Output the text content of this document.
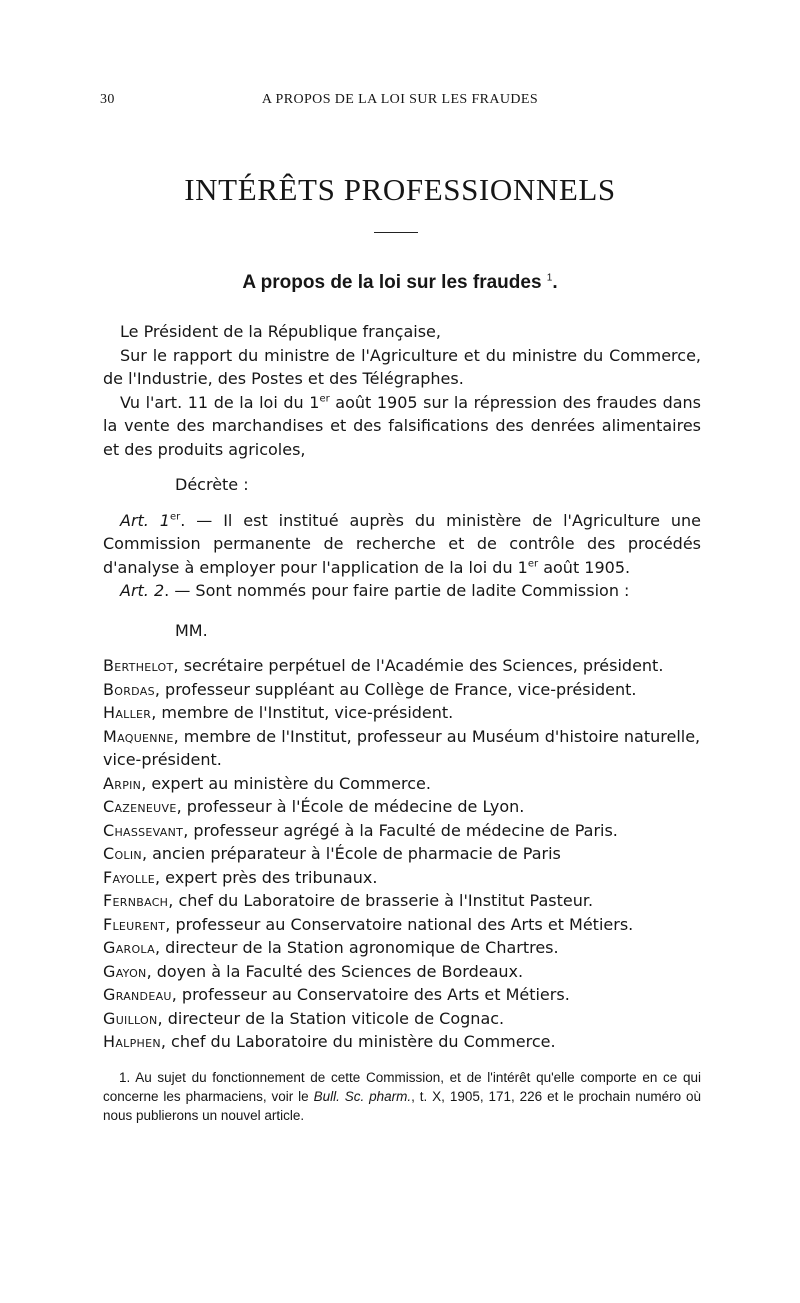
30	A PROPOS DE LA LOI SUR LES FRAUDES
INTÉRÊTS PROFESSIONNELS
A propos de la loi sur les fraudes $^1$.

Le Président de la République française,

Sur le rapport du ministre de l'Agriculture et du ministre du Commerce, de l'Industrie, des Postes et des Télégraphes.

Vu l'art. 11 de la loi du 1er août 1905 sur la répression des fraudes dans la vente des marchandises et des falsifications des denrées alimentaires et des produits agricoles,

Décrète :

Art. 1er. — Il est institué auprès du ministère de l'Agriculture une Commission permanente de recherche et de contrôle des procédés d'analyse à employer pour l'application de la loi du 1er août 1905.

Art. 2. — Sont nommés pour faire partie de ladite Commission :

MM.

Berthelot, secrétaire perpétuel de l'Académie des Sciences, président.
Bordas, professeur suppléant au Collège de France, vice-président.
Haller, membre de l'Institut, vice-président.
Maquenne, membre de l'Institut, professeur au Muséum d'histoire naturelle, vice-président.
Arpin, expert au ministère du Commerce.
Cazeneuve, professeur à l'École de médecine de Lyon.
Chassevant, professeur agrégé à la Faculté de médecine de Paris.
Colin, ancien préparateur à l'École de pharmacie de Paris
Fayolle, expert près des tribunaux.
Fernbach, chef du Laboratoire de brasserie à l'Institut Pasteur.
Fleurent, professeur au Conservatoire national des Arts et Métiers.
Garola, directeur de la Station agronomique de Chartres.
Gayon, doyen à la Faculté des Sciences de Bordeaux.
Grandeau, professeur au Conservatoire des Arts et Métiers.
Guillon, directeur de la Station viticole de Cognac.
Halphen, chef du Laboratoire du ministère du Commerce.

1. Au sujet du fonctionnement de cette Commission, et de l'intérêt qu'elle comporte en ce qui concerne les pharmaciens, voir le Bull. Sc. pharm., t. X, 1905, 171, 226 et le prochain numéro où nous publierons un nouvel article.
